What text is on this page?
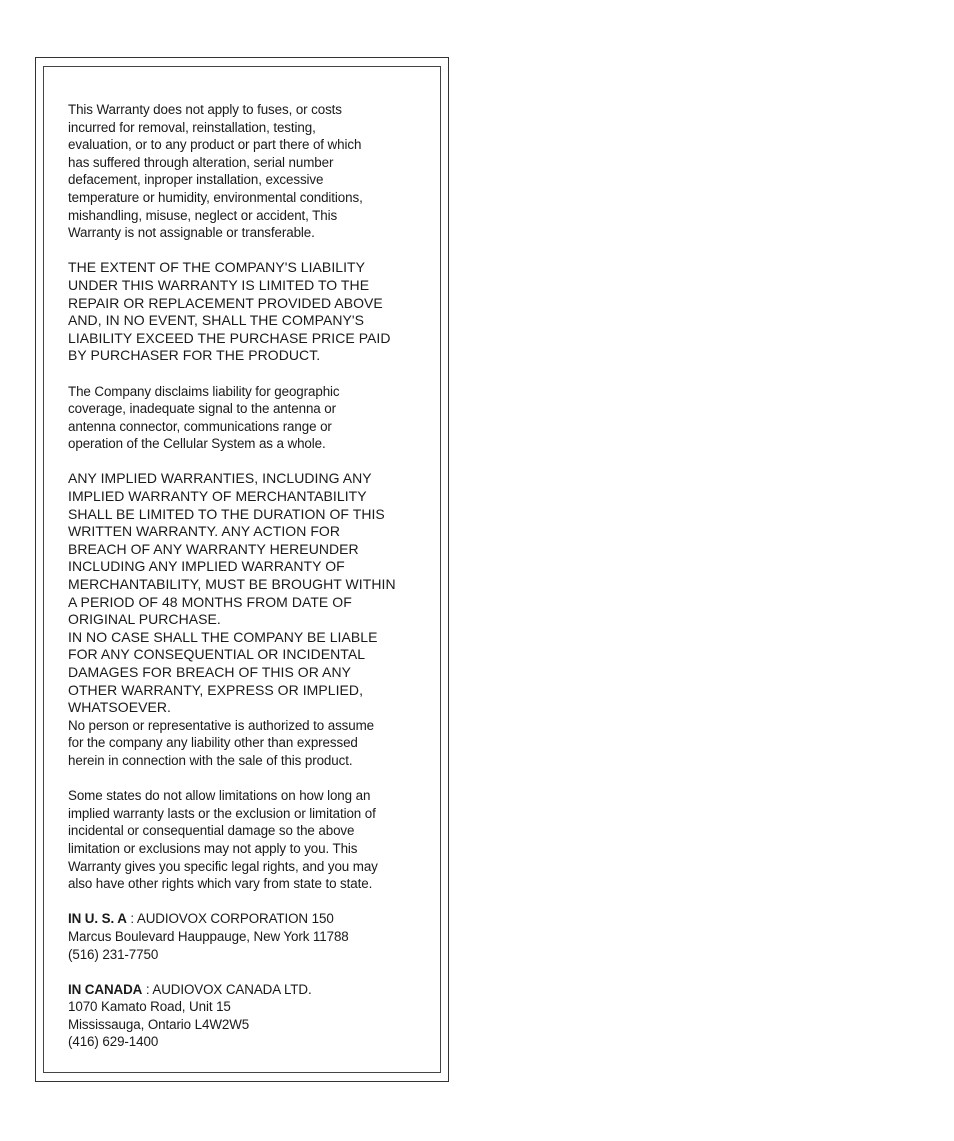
This Warranty does not apply to fuses, or costs
incurred for removal, reinstallation, testing,
evaluation, or to any product or part there of which
has suffered through alteration, serial number
defacement, inproper installation, excessive
temperature or humidity, environmental conditions,
mishandling, misuse, neglect or accident, This
Warranty is not assignable or transferable.

THE EXTENT OF THE COMPANY'S LIABILITY
UNDER THIS WARRANTY IS LIMITED TO THE
REPAIR OR REPLACEMENT PROVIDED ABOVE
AND, IN NO EVENT, SHALL THE COMPANY'S
LIABILITY EXCEED THE PURCHASE PRICE PAID
BY PURCHASER FOR THE PRODUCT.

The Company disclaims liability for geographic
coverage, inadequate signal to the antenna or
antenna connector, communications range or
operation of the Cellular System as a whole.

ANY IMPLIED WARRANTIES, INCLUDING ANY
IMPLIED WARRANTY OF MERCHANTABILITY
SHALL BE LIMITED TO THE DURATION OF THIS
WRITTEN WARRANTY. ANY ACTION FOR
BREACH OF ANY WARRANTY HEREUNDER
INCLUDING ANY IMPLIED WARRANTY OF
MERCHANTABILITY, MUST BE BROUGHT WITHIN
A PERIOD OF 48 MONTHS FROM DATE OF
ORIGINAL PURCHASE.
IN NO CASE SHALL THE COMPANY BE LIABLE
FOR ANY CONSEQUENTIAL OR INCIDENTAL
DAMAGES FOR BREACH OF THIS OR ANY
OTHER WARRANTY, EXPRESS OR IMPLIED,
WHATSOEVER.

No person or representative is authorized to assume
for the company any liability other than expressed
herein in connection with the sale of this product.

Some states do not allow limitations on how long an
implied warranty lasts or the exclusion or limitation of
incidental or consequential damage so the above
limitation or exclusions may not apply to you. This
Warranty gives you specific legal rights, and you may
also have other rights which vary from state to state.

IN U. S. A : AUDIOVOX CORPORATION 150
Marcus Boulevard Hauppauge, New York 11788
(516) 231-7750

IN CANADA : AUDIOVOX CANADA LTD.
1070 Kamato Road, Unit 15
Mississauga, Ontario L4W2W5
(416) 629-1400
